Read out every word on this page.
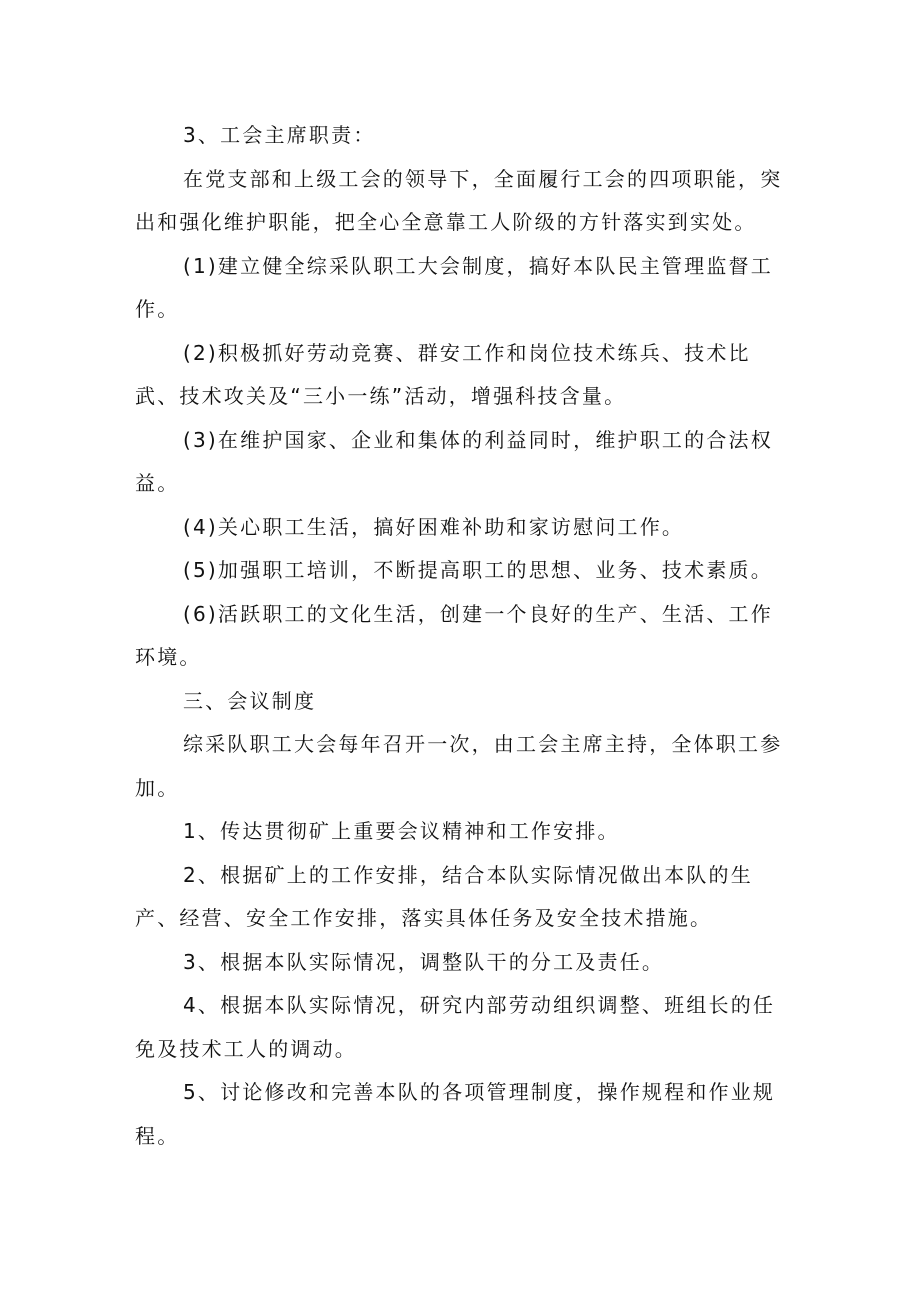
3、工会主席职责：

在党支部和上级工会的领导下，全面履行工会的四项职能，突出和强化维护职能，把全心全意靠工人阶级的方针落实到实处。

(1)建立健全综采队职工大会制度，搞好本队民主管理监督工作。

(2)积极抓好劳动竞赛、群安工作和岗位技术练兵、技术比武、技术攻关及“三小一练”活动，增强科技含量。

(3)在维护国家、企业和集体的利益同时，维护职工的合法权益。

(4)关心职工生活，搞好困难补助和家访慰问工作。

(5)加强职工培训，不断提高职工的思想、业务、技术素质。

(6)活跃职工的文化生活，创建一个良好的生产、生活、工作环境。

三、会议制度

综采队职工大会每年召开一次，由工会主席主持，全体职工参加。

1、传达贯彻矿上重要会议精神和工作安排。

2、根据矿上的工作安排，结合本队实际情况做出本队的生产、经营、安全工作安排，落实具体任务及安全技术措施。

3、根据本队实际情况，调整队干的分工及责任。

4、根据本队实际情况，研究内部劳动组织调整、班组长的任免及技术工人的调动。

5、讨论修改和完善本队的各项管理制度，操作规程和作业规程。
